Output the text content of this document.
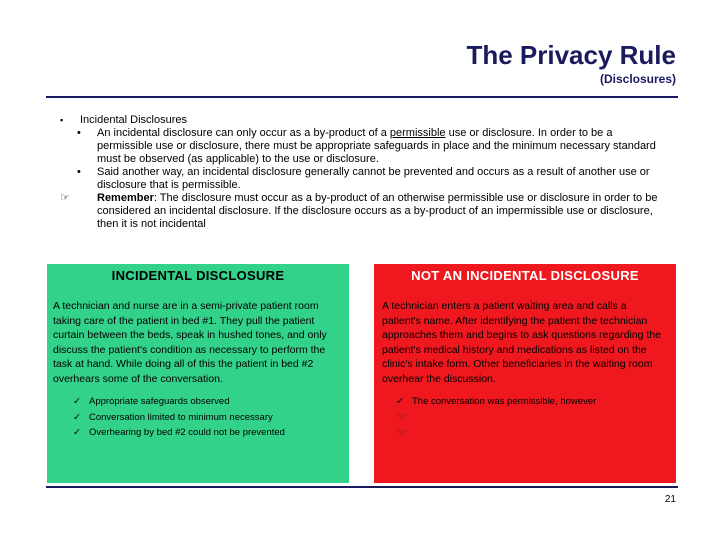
The Privacy Rule
(Disclosures)
▪ Incidental Disclosures
• An incidental disclosure can only occur as a by-product of a permissible use or disclosure. In order to be a permissible use or disclosure, there must be appropriate safeguards in place and the minimum necessary standard must be observed (as applicable) to the use or disclosure.
• Said another way, an incidental disclosure generally cannot be prevented and occurs as a result of another use or disclosure that is permissible.
☞ Remember: The disclosure must occur as a by-product of an otherwise permissible use or disclosure in order to be considered an incidental disclosure. If the disclosure occurs as a by-product of an impermissible use or disclosure, then it is not incidental
INCIDENTAL DISCLOSURE
A technician and nurse are in a semi-private patient room taking care of the patient in bed #1. They pull the patient curtain between the beds, speak in hushed tones, and only discuss the patient's condition as necessary to perform the task at hand. While doing all of this the patient in bed #2 overhears some of the conversation.
✓ Appropriate safeguards observed
✓ Conversation limited to minimum necessary
✓ Overhearing by bed #2 could not be prevented
NOT AN INCIDENTAL DISCLOSURE
A technician enters a patient waiting area and calls a patient's name. After identifying the patient the technician approaches them and begins to ask questions regarding the patient's medical history and medications as listed on the clinic's intake form. Other beneficiaries in the waiting room overhear the discussion.
✓ The conversation was permissible, however
☞
☞
21
